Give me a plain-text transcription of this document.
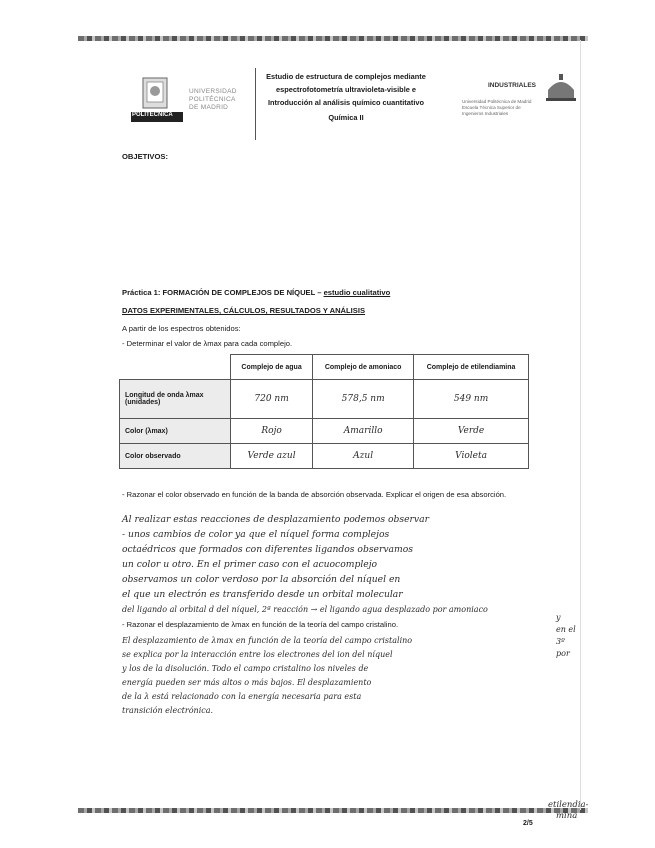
POLITÉCNICA
UNIVERSIDAD
POLITÉCNICA
DE MADRID
Estudio de estructura de complejos mediante
espectrofotometría ultravioleta-visible e
Introducción al análisis químico cuantitativo
Química II
INDUSTRIALES
Universidad Politécnica de Madrid
Escuela Técnica Superior de
Ingenieros Industriales
OBJETIVOS:
Práctica 1: FORMACIÓN DE COMPLEJOS DE NÍQUEL – estudio cualitativo
DATOS EXPERIMENTALES, CÁLCULOS, RESULTADOS Y ANÁLISIS
A partir de los espectros obtenidos:
- Determinar el valor de λmax para cada complejo.
	Complejo de agua	Complejo de amoniaco	Complejo de etilendiamina
Longitud de onda λmax (unidades)	720 nm	578,5 nm	549 nm
Color (λmax)	Rojo	Amarillo	Verde
Color observado	Verde azul	Azul	Violeta
- Razonar el color observado en función de la banda de absorción observada. Explicar el origen de esa absorción.
Al realizar estas reacciones de desplazamiento podemos observar
- unos cambios de color ya que el níquel forma complejos
octaédricos que formados con diferentes ligandos observamos
un color u otro. En el primer caso con el acuocomplejo
observamos un color verdoso por la absorción del níquel en
el que un electrón es transferido desde un orbital molecular
del ligando al orbital d del níquel, 2ª reacción → el ligando agua desplazado por amoniaco
- Razonar el desplazamiento de λmax en función de la teoría del campo cristalino.
El desplazamiento de λmax en función de la teoría del campo cristalino
se explica por la interacción entre los electrones del ion del níquel
y los de la disolución. Todo el campo cristalino los niveles de
energía pueden ser más altos o más bajos. El desplazamiento
de la λ está relacionado con la energía necesaria para esta
transición electrónica.
y
en el
3º
por
etilendia-
mina
2/5
